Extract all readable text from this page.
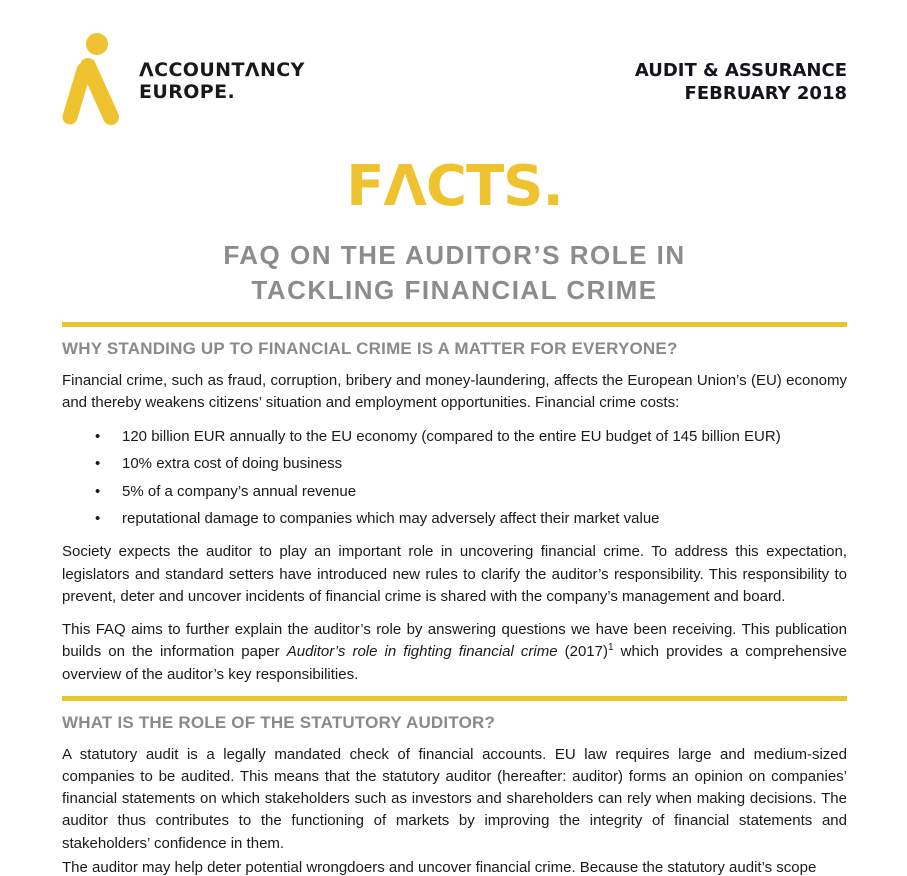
ΛCCOUNTΛNCY
EUROPE.
AUDIT & ASSURANCE
FEBRUARY 2018
FΛCTS.
FAQ ON THE AUDITOR’S ROLE IN
TACKLING FINANCIAL CRIME
WHY STANDING UP TO FINANCIAL CRIME IS A MATTER FOR EVERYONE?

Financial crime, such as fraud, corruption, bribery and money-laundering, affects the European Union’s (EU) economy and thereby weakens citizens’ situation and employment opportunities. Financial crime costs:

• 120 billion EUR annually to the EU economy (compared to the entire EU budget of 145 billion EUR)
• 10% extra cost of doing business
• 5% of a company’s annual revenue
• reputational damage to companies which may adversely affect their market value

Society expects the auditor to play an important role in uncovering financial crime. To address this expectation, legislators and standard setters have introduced new rules to clarify the auditor’s responsibility. This responsibility to prevent, deter and uncover incidents of financial crime is shared with the company’s management and board.

This FAQ aims to further explain the auditor’s role by answering questions we have been receiving. This publication builds on the information paper Auditor’s role in fighting financial crime (2017)$^1$ which provides a comprehensive overview of the auditor’s key responsibilities.

WHAT IS THE ROLE OF THE STATUTORY AUDITOR?

A statutory audit is a legally mandated check of financial accounts. EU law requires large and medium-sized companies to be audited. This means that the statutory auditor (hereafter: auditor) forms an opinion on companies’ financial statements on which stakeholders such as investors and shareholders can rely when making decisions. The auditor thus contributes to the functioning of markets by improving the integrity of financial statements and stakeholders’ confidence in them.

The auditor may help deter potential wrongdoers and uncover financial crime. Because the statutory audit’s scope
